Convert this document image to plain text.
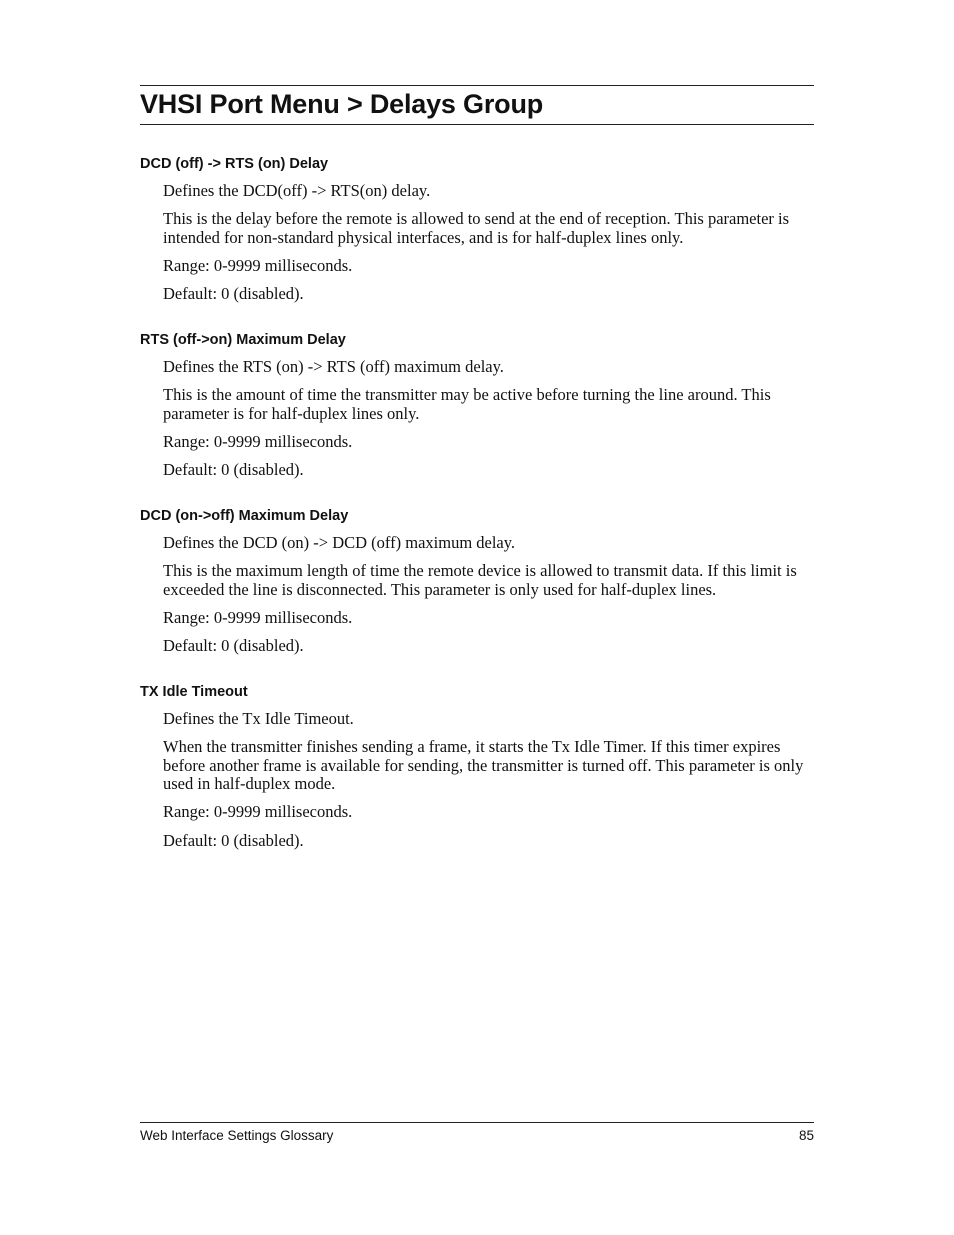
VHSI Port Menu > Delays Group
DCD (off) -> RTS (on) Delay

Defines the DCD(off) -> RTS(on) delay.

This is the delay before the remote is allowed to send at the end of reception. This parameter is intended for non-standard physical interfaces, and is for half-duplex lines only.

Range: 0-9999 milliseconds.

Default: 0 (disabled).

RTS (off->on) Maximum Delay

Defines the RTS (on) -> RTS (off) maximum delay.

This is the amount of time the transmitter may be active before turning the line around. This parameter is for half-duplex lines only.

Range: 0-9999 milliseconds.

Default: 0 (disabled).

DCD (on->off) Maximum Delay

Defines the DCD (on) -> DCD (off) maximum delay.

This is the maximum length of time the remote device is allowed to transmit data. If this limit is exceeded the line is disconnected. This parameter is only used for half-duplex lines.

Range: 0-9999 milliseconds.

Default: 0 (disabled).

TX Idle Timeout

Defines the Tx Idle Timeout.

When the transmitter finishes sending a frame, it starts the Tx Idle Timer. If this timer expires before another frame is available for sending, the transmitter is turned off. This parameter is only used in half-duplex mode.

Range: 0-9999 milliseconds.

Default: 0 (disabled).

Web Interface Settings Glossary	85
